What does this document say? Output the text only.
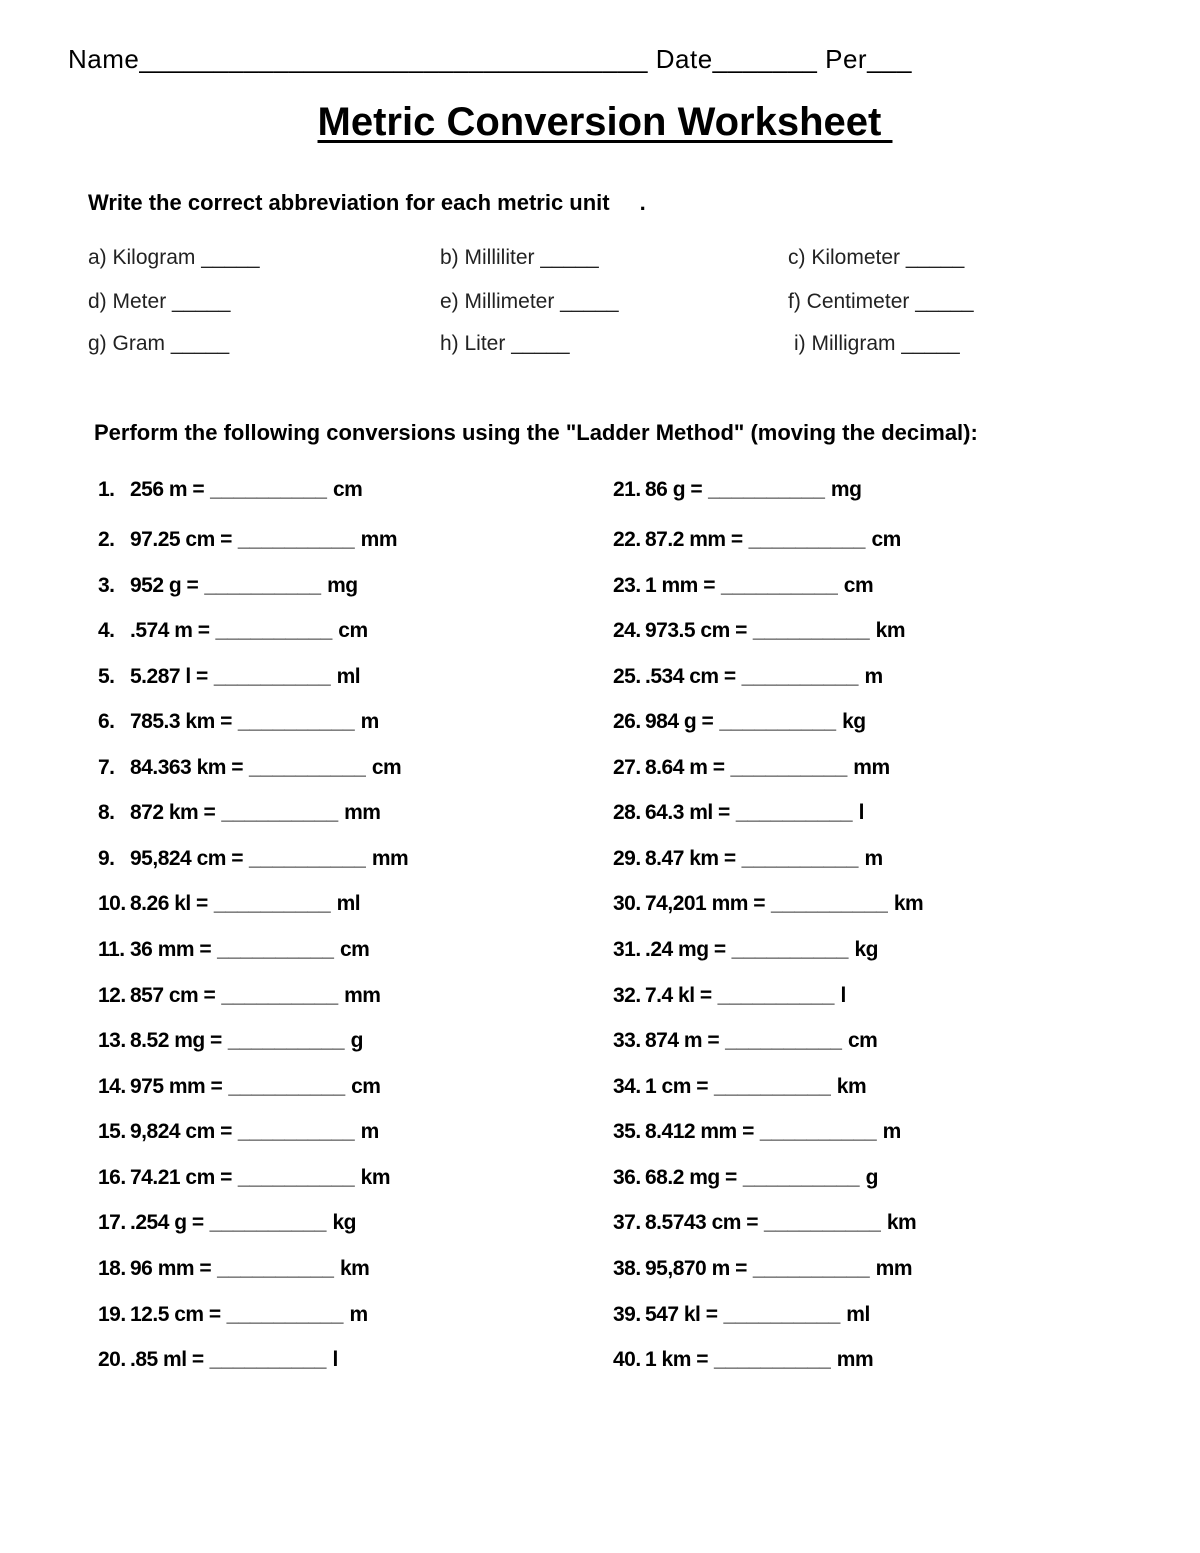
Name__________________________________ Date_______ Per___
Metric Conversion Worksheet
Write the correct abbreviation for each metric unit .
a) Kilogram _____	b) Milliliter _____	c) Kilometer _____
d) Meter _____	e) Millimeter _____	f) Centimeter _____
g) Gram _____	h) Liter _____	i) Milligram _____
Perform the following conversions using the "Ladder Method" (moving the decimal):
1. 256 m = __________ cm
2. 97.25 cm = __________ mm
3. 952 g = __________ mg
4. .574 m = __________ cm
5. 5.287 l = __________ ml
6. 785.3 km = __________ m
7. 84.363 km = __________ cm
8. 872 km = __________ mm
9. 95,824 cm = __________ mm
10. 8.26 kl = __________ ml
11. 36 mm = __________ cm
12. 857 cm = __________ mm
13. 8.52 mg = __________ g
14. 975 mm = __________ cm
15. 9,824 cm = __________ m
16. 74.21 cm = __________ km
17. .254 g = __________ kg
18. 96 mm = __________ km
19. 12.5 cm = __________ m
20. .85 ml = __________ l
21. 86 g = __________ mg
22. 87.2 mm = __________ cm
23. 1 mm = __________ cm
24. 973.5 cm = __________ km
25. .534 cm = __________ m
26. 984 g = __________ kg
27. 8.64 m = __________ mm
28. 64.3 ml = __________ l
29. 8.47 km = __________ m
30. 74,201 mm = __________ km
31. .24 mg = __________ kg
32. 7.4 kl = __________ l
33. 874 m = __________ cm
34. 1 cm = __________ km
35. 8.412 mm = __________ m
36. 68.2 mg = __________ g
37. 8.5743 cm = __________ km
38. 95,870 m = __________ mm
39. 547 kl = __________ ml
40. 1 km = __________ mm
